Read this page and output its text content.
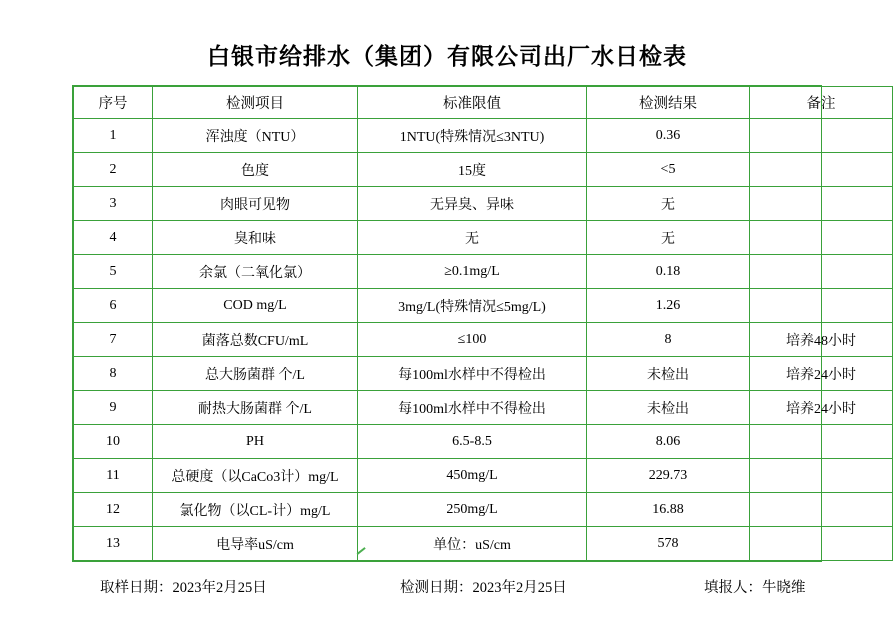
白银市给排水（集团）有限公司出厂水日检表
序号	检测项目	标准限值	检测结果	备注
1	浑浊度（NTU）	1NTU(特殊情况≤3NTU)	0.36	
2	色度	15度	<5	
3	肉眼可见物	无异臭、异味	无	
4	臭和味	无	无	
5	余氯（二氧化氯）	≥0.1mg/L	0.18	
6	COD mg/L	3mg/L(特殊情况≤5mg/L)	1.26	
7	菌落总数CFU/mL	≤100	8	培养48小时
8	总大肠菌群 个/L	每100ml水样中不得检出	未检出	培养24小时
9	耐热大肠菌群 个/L	每100ml水样中不得检出	未检出	培养24小时
10	PH	6.5-8.5	8.06	
11	总硬度（以CaCo3计）mg/L	450mg/L	229.73	
12	氯化物（以CL-计）mg/L	250mg/L	16.88	
13	电导率uS/cm	单位：uS/cm	578	
取样日期：2023年2月25日	检测日期：2023年2月25日	填报人：牛晓维
